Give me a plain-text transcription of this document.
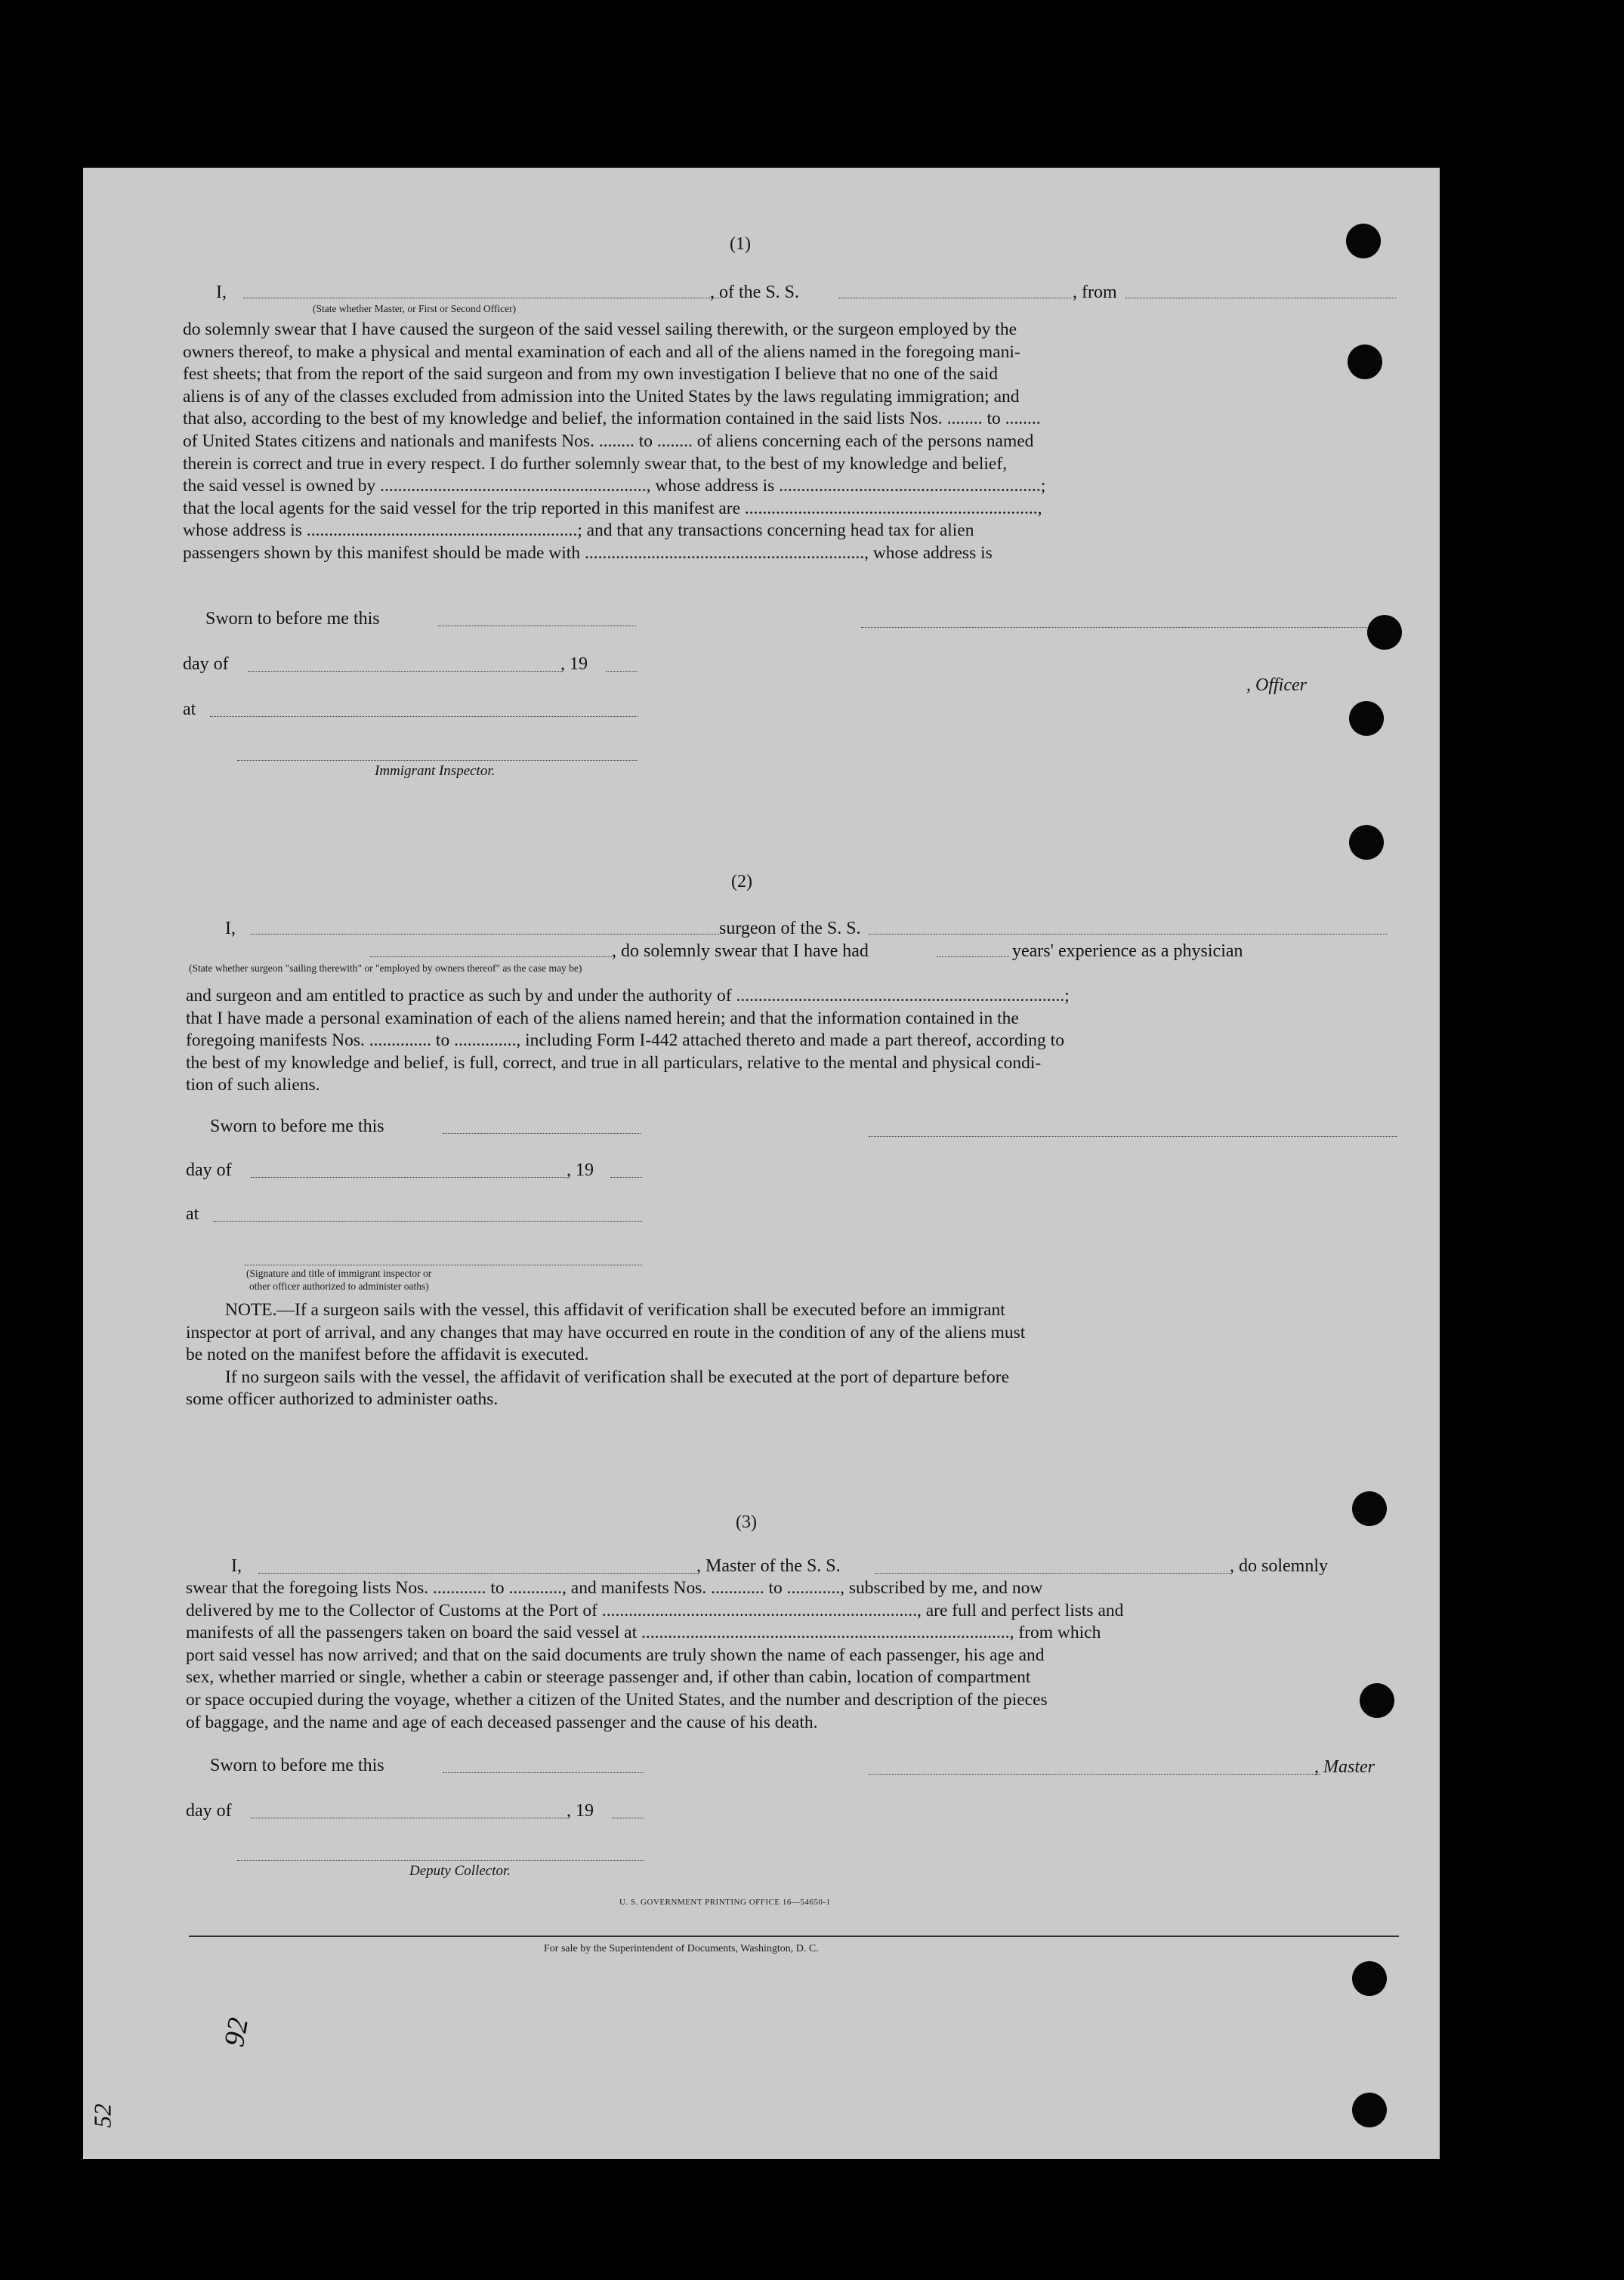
(1)
I,	, of the S. S.	, from
(State whether Master, or First or Second Officer)
do solemnly swear that I have caused the surgeon of the said vessel sailing therewith, or the surgeon employed by the
owners thereof, to make a physical and mental examination of each and all of the aliens named in the foregoing mani-
fest sheets; that from the report of the said surgeon and from my own investigation I believe that no one of the said
aliens is of any of the classes excluded from admission into the United States by the laws regulating immigration; and
that also, according to the best of my knowledge and belief, the information contained in the said lists Nos. ........ to ........
of United States citizens and nationals and manifests Nos. ........ to ........ of aliens concerning each of the persons named
therein is correct and true in every respect. I do further solemnly swear that, to the best of my knowledge and belief,
the said vessel is owned by ............................................................, whose address is ...........................................................;
that the local agents for the said vessel for the trip reported in this manifest are ..................................................................,
whose address is .............................................................; and that any transactions concerning head tax for alien
passengers shown by this manifest should be made with ..............................................................., whose address is
Sworn to before me this
day of	, 19
, Officer
at
Immigrant Inspector.
(2)
I,	surgeon of the S. S.
(State whether surgeon "sailing therewith" or "employed by owners thereof" as the case may be)
, do solemnly swear that I have had	years' experience as a physician
and surgeon and am entitled to practice as such by and under the authority of ..........................................................................;
that I have made a personal examination of each of the aliens named herein; and that the information contained in the
foregoing manifests Nos. .............. to .............., including Form I-442 attached thereto and made a part thereof, according to
the best of my knowledge and belief, is full, correct, and true in all particulars, relative to the mental and physical condi-
tion of such aliens.
Sworn to before me this
day of	, 19
at
(Signature and title of immigrant inspector or
other officer authorized to administer oaths)
NOTE.—If a surgeon sails with the vessel, this affidavit of verification shall be executed before an immigrant
inspector at port of arrival, and any changes that may have occurred en route in the condition of any of the aliens must
be noted on the manifest before the affidavit is executed.
If no surgeon sails with the vessel, the affidavit of verification shall be executed at the port of departure before
some officer authorized to administer oaths.
(3)
I,	, Master of the S. S.	, do solemnly
swear that the foregoing lists Nos. ............ to ............, and manifests Nos. ............ to ............, subscribed by me, and now
delivered by me to the Collector of Customs at the Port of ......................................................................., are full and perfect lists and
manifests of all the passengers taken on board the said vessel at ..................................................................................., from which
port said vessel has now arrived; and that on the said documents are truly shown the name of each passenger, his age and
sex, whether married or single, whether a cabin or steerage passenger and, if other than cabin, location of compartment
or space occupied during the voyage, whether a citizen of the United States, and the number and description of the pieces
of baggage, and the name and age of each deceased passenger and the cause of his death.
Sworn to before me this	, Master
day of	, 19
Deputy Collector.
U. S. GOVERNMENT PRINTING OFFICE 16—54650-1
For sale by the Superintendent of Documents, Washington, D. C.
92
52
